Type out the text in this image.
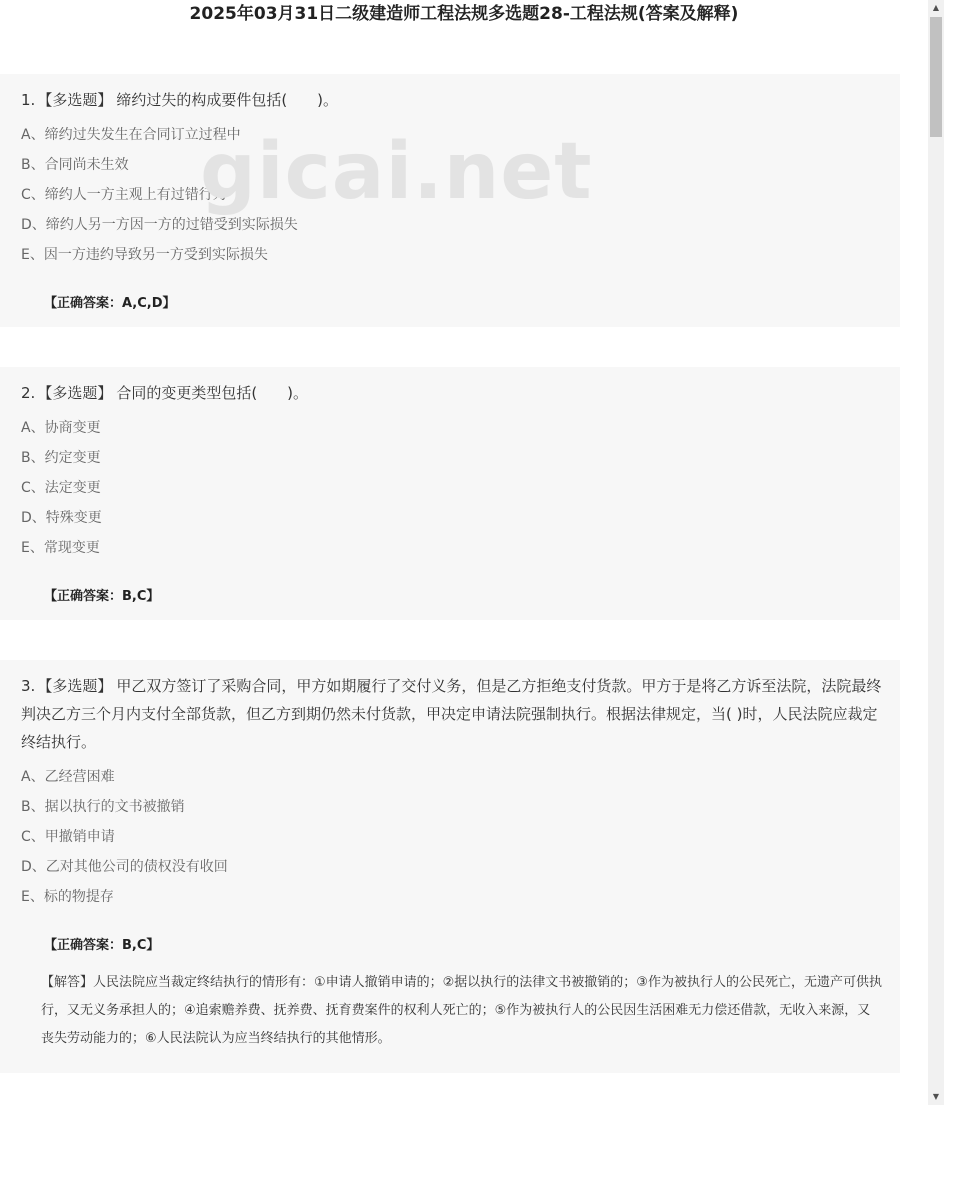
2025年03月31日二级建造师工程法规多选题28-工程法规(答案及解释)
1. 【多选题】 缔约过失的构成要件包括(　　)。
A、缔约过失发生在合同订立过程中
B、合同尚未生效
C、缔约人一方主观上有过错行为
D、缔约人另一方因一方的过错受到实际损失
E、因一方违约导致另一方受到实际损失
【正确答案：A,C,D】
2. 【多选题】 合同的变更类型包括(　　)。
A、协商变更
B、约定变更
C、法定变更
D、特殊变更
E、常现变更
【正确答案：B,C】
3. 【多选题】 甲乙双方签订了采购合同，甲方如期履行了交付义务，但是乙方拒绝支付货款。甲方于是将乙方诉至法院，法院最终判决乙方三个月内支付全部货款，但乙方到期仍然未付货款，甲决定申请法院强制执行。根据法律规定，当( )时，人民法院应裁定终结执行。
A、乙经营困难
B、据以执行的文书被撤销
C、甲撤销申请
D、乙对其他公司的债权没有收回
E、标的物提存
【正确答案：B,C】
【解答】人民法院应当裁定终结执行的情形有：①申请人撤销申请的；②据以执行的法律文书被撤销的；③作为被执行人的公民死亡，无遗产可供执行，又无义务承担人的；④追索赡养费、抚养费、抚育费案件的权利人死亡的；⑤作为被执行人的公民因生活困难无力偿还借款，无收入来源，又丧失劳动能力的；⑥人民法院认为应当终结执行的其他情形。
gicai.net
▲
▼
